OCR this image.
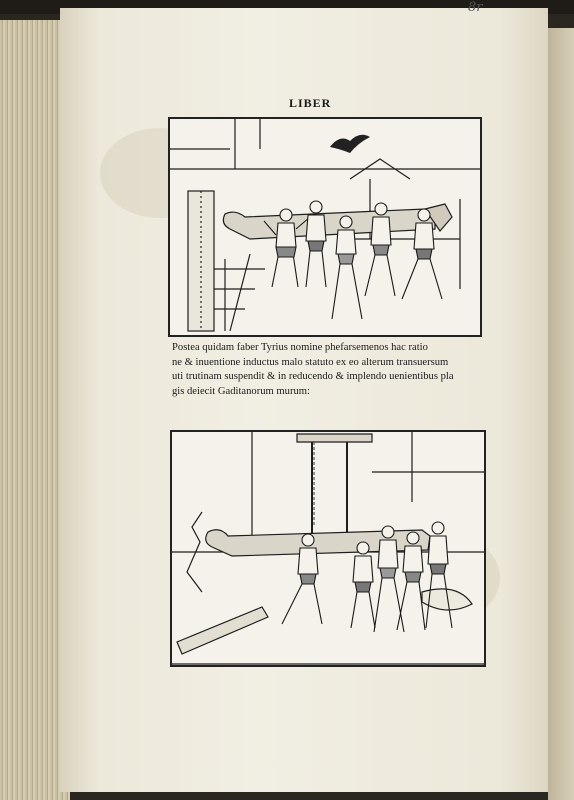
8r
LIBER
Postea quidam faber Tyrius nomine phefarsemenos hac ratio
ne & inuentione inductus malo statuto ex eo alterum transuersum
uti trutinam suspendit & in reducendo & implendo uenientibus pla
gis deiecit Gaditanorum murum:
